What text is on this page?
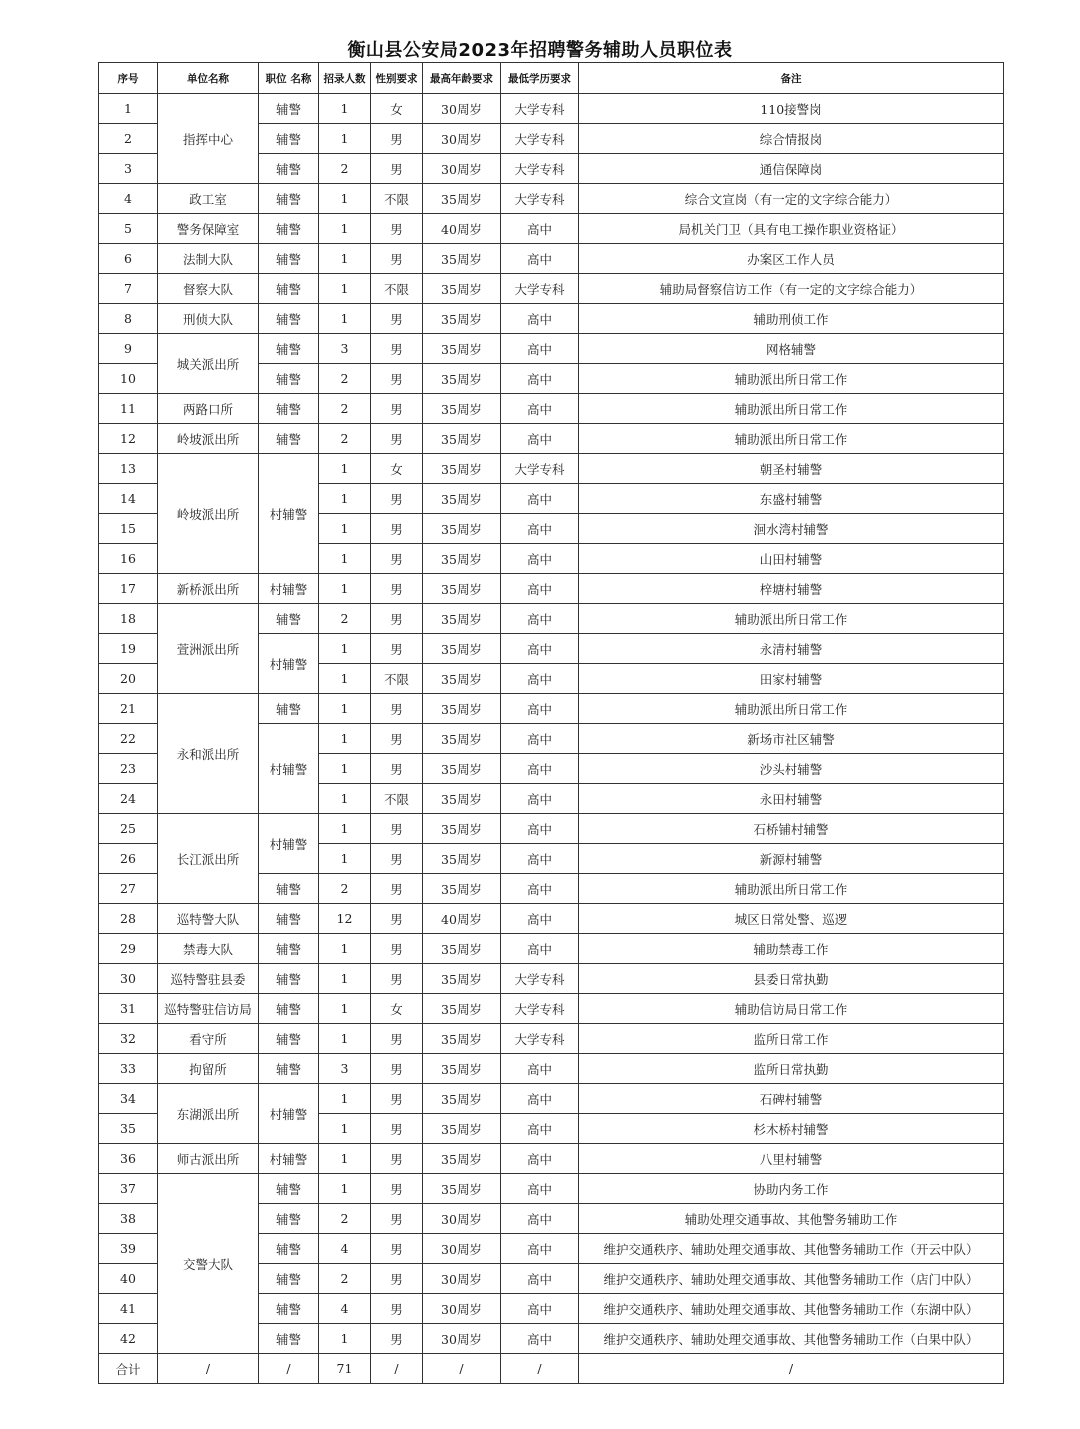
衡山县公安局2023年招聘警务辅助人员职位表
序号	单位名称	职位 名称	招录人数	性别要求	最高年龄要求	最低学历要求	备注
1	指挥中心	辅警	1	女	30周岁	大学专科	110接警岗
2		辅警	1	男	30周岁	大学专科	综合情报岗
3		辅警	2	男	30周岁	大学专科	通信保障岗
4	政工室	辅警	1	不限	35周岁	大学专科	综合文宣岗（有一定的文字综合能力）
5	警务保障室	辅警	1	男	40周岁	高中	局机关门卫（具有电工操作职业资格证）
6	法制大队	辅警	1	男	35周岁	高中	办案区工作人员
7	督察大队	辅警	1	不限	35周岁	大学专科	辅助局督察信访工作（有一定的文字综合能力）
8	刑侦大队	辅警	1	男	35周岁	高中	辅助刑侦工作
9	城关派出所	辅警	3	男	35周岁	高中	网格辅警
10		辅警	2	男	35周岁	高中	辅助派出所日常工作
11	两路口所	辅警	2	男	35周岁	高中	辅助派出所日常工作
12	岭坡派出所	辅警	2	男	35周岁	高中	辅助派出所日常工作
13	岭坡派出所	村辅警	1	女	35周岁	大学专科	朝圣村辅警
14			1	男	35周岁	高中	东盛村辅警
15			1	男	35周岁	高中	洄水湾村辅警
16			1	男	35周岁	高中	山田村辅警
17	新桥派出所	村辅警	1	男	35周岁	高中	梓塘村辅警
18	萱洲派出所	辅警	2	男	35周岁	高中	辅助派出所日常工作
19		村辅警	1	男	35周岁	高中	永清村辅警
20			1	不限	35周岁	高中	田家村辅警
21	永和派出所	辅警	1	男	35周岁	高中	辅助派出所日常工作
22		村辅警	1	男	35周岁	高中	新场市社区辅警
23			1	男	35周岁	高中	沙头村辅警
24			1	不限	35周岁	高中	永田村辅警
25	长江派出所	村辅警	1	男	35周岁	高中	石桥铺村辅警
26			1	男	35周岁	高中	新源村辅警
27		辅警	2	男	35周岁	高中	辅助派出所日常工作
28	巡特警大队	辅警	12	男	40周岁	高中	城区日常处警、巡逻
29	禁毒大队	辅警	1	男	35周岁	高中	辅助禁毒工作
30	巡特警驻县委	辅警	1	男	35周岁	大学专科	县委日常执勤
31	巡特警驻信访局	辅警	1	女	35周岁	大学专科	辅助信访局日常工作
32	看守所	辅警	1	男	35周岁	大学专科	监所日常工作
33	拘留所	辅警	3	男	35周岁	高中	监所日常执勤
34	东湖派出所	村辅警	1	男	35周岁	高中	石碑村辅警
35			1	男	35周岁	高中	杉木桥村辅警
36	师古派出所	村辅警	1	男	35周岁	高中	八里村辅警
37	交警大队	辅警	1	男	35周岁	高中	协助内务工作
38		辅警	2	男	30周岁	高中	辅助处理交通事故、其他警务辅助工作
39		辅警	4	男	30周岁	高中	维护交通秩序、辅助处理交通事故、其他警务辅助工作（开云中队）
40		辅警	2	男	30周岁	高中	维护交通秩序、辅助处理交通事故、其他警务辅助工作（店门中队）
41		辅警	4	男	30周岁	高中	维护交通秩序、辅助处理交通事故、其他警务辅助工作（东湖中队）
42		辅警	1	男	30周岁	高中	维护交通秩序、辅助处理交通事故、其他警务辅助工作（白果中队）
合计	/	/	71	/	/	/	/
